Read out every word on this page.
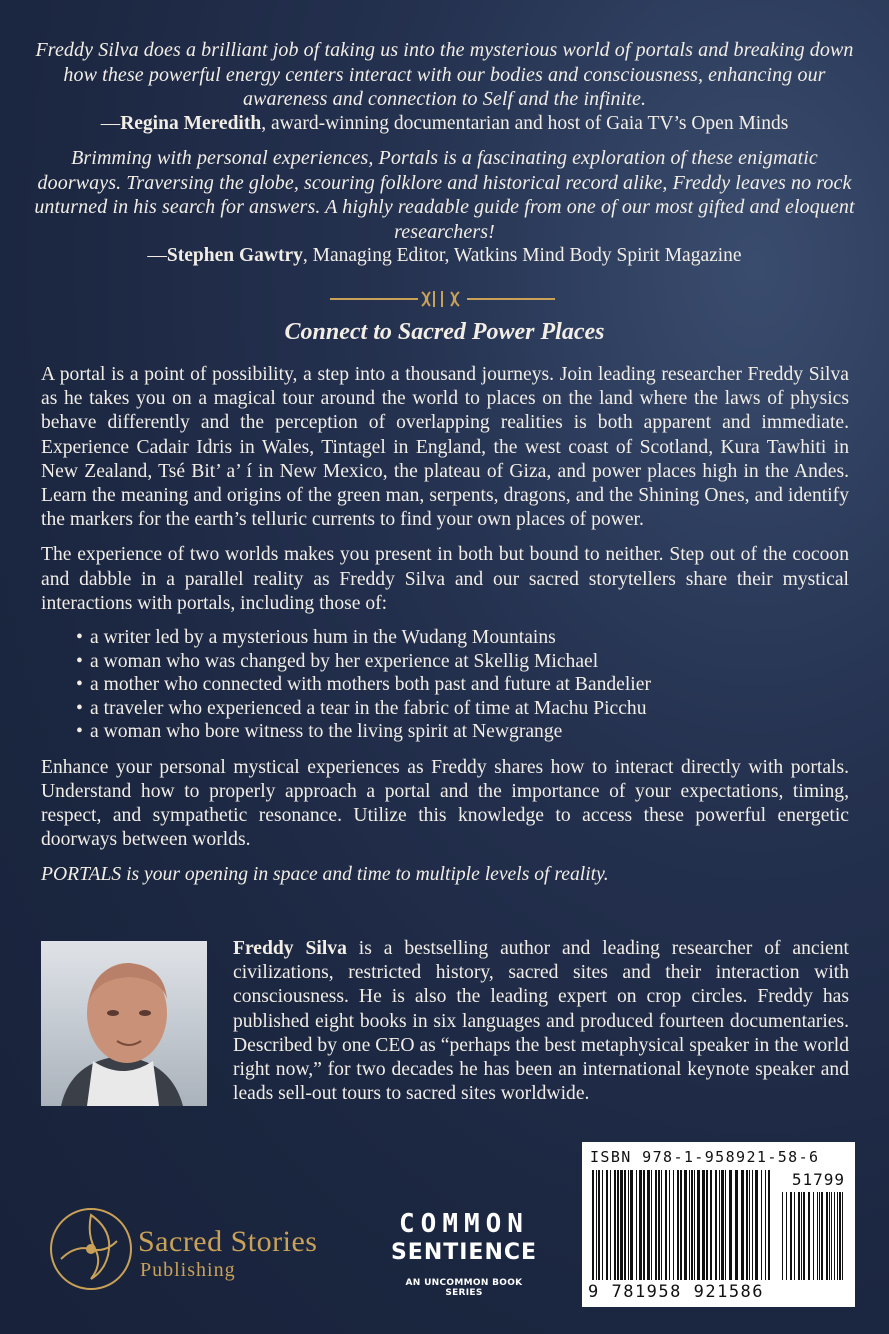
Freddy Silva does a brilliant job of taking us into the mysterious world of portals and breaking down how these powerful energy centers interact with our bodies and consciousness, enhancing our awareness and connection to Self and the infinite.

—Regina Meredith, award-winning documentarian and host of Gaia TV’s Open Minds

Brimming with personal experiences, Portals is a fascinating exploration of these enigmatic doorways. Traversing the globe, scouring folklore and historical record alike, Freddy leaves no rock unturned in his search for answers. A highly readable guide from one of our most gifted and eloquent researchers!

—Stephen Gawtry, Managing Editor, Watkins Mind Body Spirit Magazine

Connect to Sacred Power Places

A portal is a point of possibility, a step into a thousand journeys. Join leading researcher Freddy Silva as he takes you on a magical tour around the world to places on the land where the laws of physics behave differently and the perception of overlapping realities is both apparent and immediate. Experience Cadair Idris in Wales, Tintagel in England, the west coast of Scotland, Kura Tawhiti in New Zealand, Tsé Bit’ a’ í in New Mexico, the plateau of Giza, and power places high in the Andes. Learn the meaning and origins of the green man, serpents, dragons, and the Shining Ones, and identify the markers for the earth’s telluric currents to find your own places of power.

The experience of two worlds makes you present in both but bound to neither. Step out of the cocoon and dabble in a parallel reality as Freddy Silva and our sacred storytellers share their mystical interactions with portals, including those of:

• a writer led by a mysterious hum in the Wudang Mountains
• a woman who was changed by her experience at Skellig Michael
• a mother who connected with mothers both past and future at Bandelier
• a traveler who experienced a tear in the fabric of time at Machu Picchu
• a woman who bore witness to the living spirit at Newgrange

Enhance your personal mystical experiences as Freddy shares how to interact directly with portals. Understand how to properly approach a portal and the importance of your expectations, timing, respect, and sympathetic resonance. Utilize this knowledge to access these powerful energetic doorways between worlds.

PORTALS is your opening in space and time to multiple levels of reality.

Freddy Silva is a bestselling author and leading researcher of ancient civilizations, restricted history, sacred sites and their interaction with consciousness. He is also the leading expert on crop circles. Freddy has published eight books in six languages and produced fourteen documentaries. Described by one CEO as “perhaps the best metaphysical speaker in the world right now,” for two decades he has been an international keynote speaker and leads sell-out tours to sacred sites worldwide.

ISBN 978-1-958921-58-6
51799
9 781958 921586
Sacred Stories
Publishing
COMMON
SENTIENCE
AN UNCOMMON BOOK SERIES
